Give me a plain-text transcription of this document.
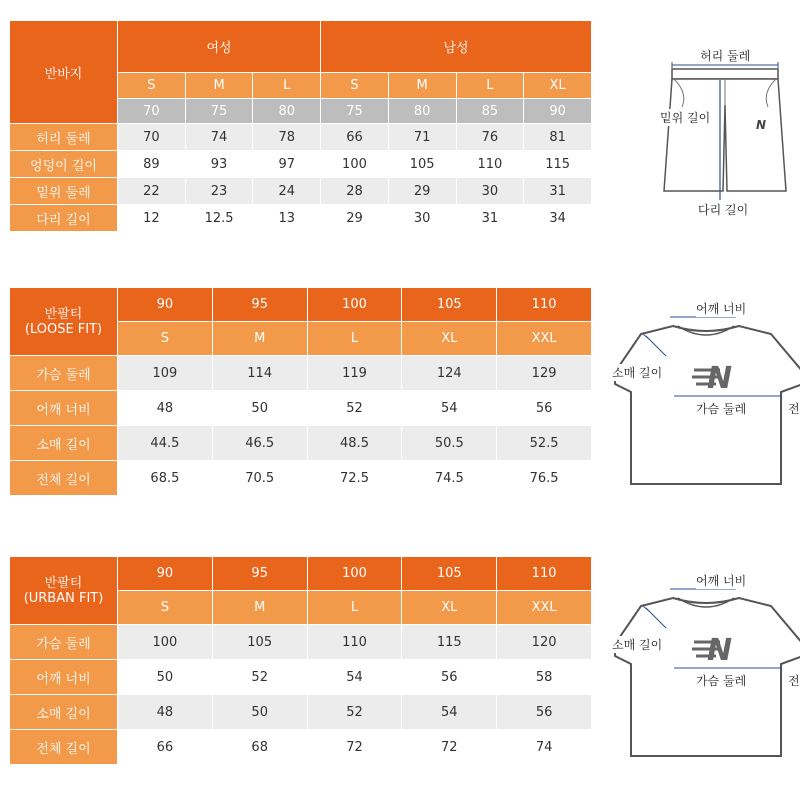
반바지	여성			남성			
	S	M	L	S	M	L	XL
	70	75	80	75	80	85	90
허리 둘레	70	74	78	66	71	76	81
엉덩이 길이	89	93	97	100	105	110	115
밑위 둘레	22	23	24	28	29	30	31
다리 길이	12	12.5	13	29	30	31	34
반팔티
(LOOSE FIT)	90	95	100	105	110
	S	M	L	XL	XXL
가슴 둘레	109	114	119	124	129
어깨 너비	48	50	52	54	56
소매 길이	44.5	46.5	48.5	50.5	52.5
전체 길이	68.5	70.5	72.5	74.5	76.5
반팔티
(URBAN FIT)	90	95	100	105	110
	S	M	L	XL	XXL
가슴 둘레	100	105	110	115	120
어깨 너비	50	52	54	56	58
소매 길이	48	50	52	54	56
전체 길이	66	68	72	72	74
N
허리 둘레
밑위 길이
다리 길이
N
어깨 너비
소매 길이
가슴 둘레	전
N
어깨 너비
소매 길이
가슴 둘레	전
